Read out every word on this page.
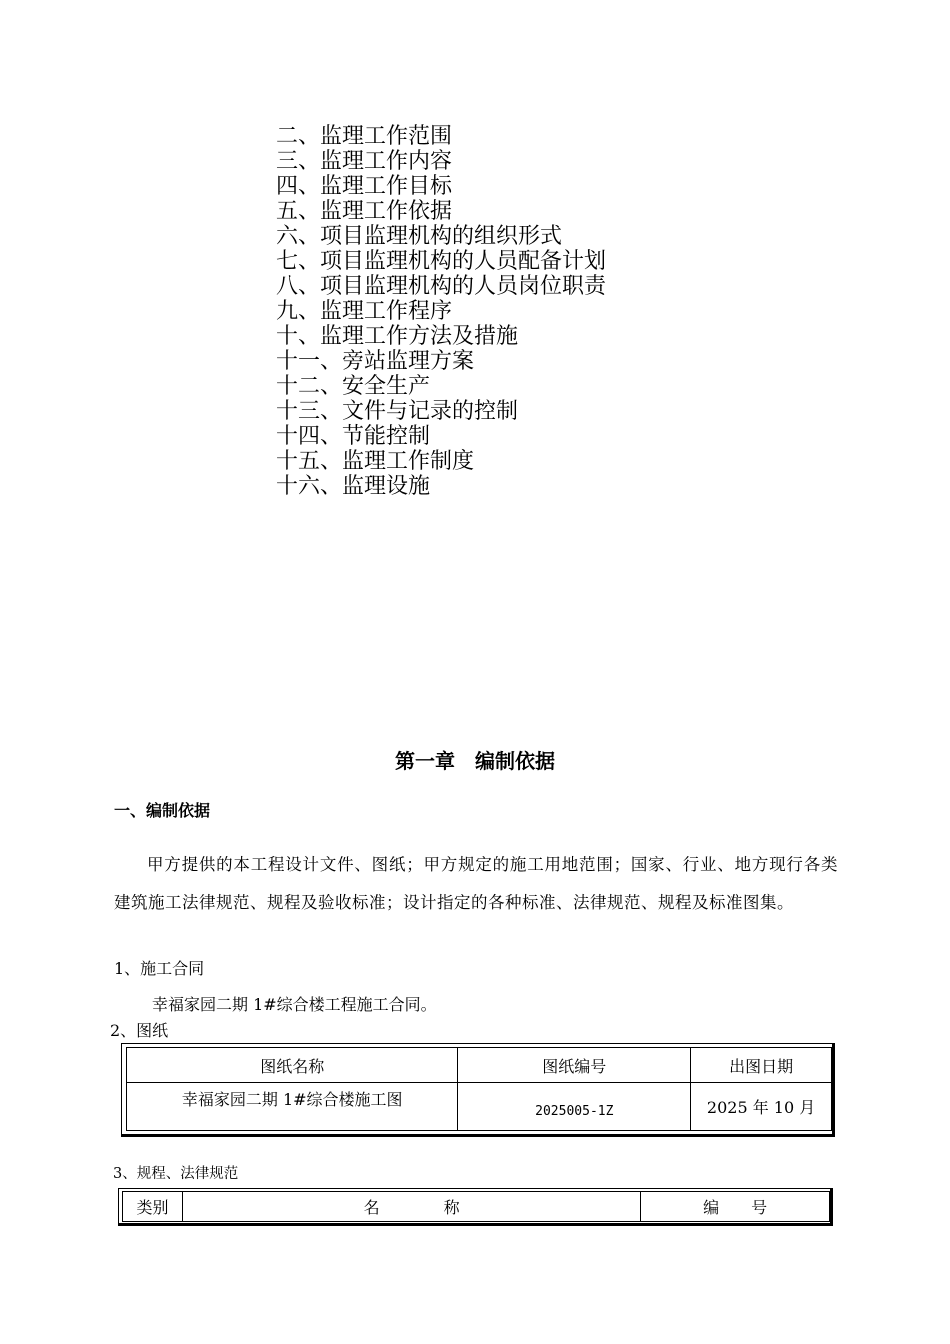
二、监理工作范围
三、监理工作内容
四、监理工作目标
五、监理工作依据
六、项目监理机构的组织形式
七、项目监理机构的人员配备计划
八、项目监理机构的人员岗位职责
九、监理工作程序
十、监理工作方法及措施
十一、旁站监理方案
十二、安全生产
十三、文件与记录的控制
十四、节能控制
十五、监理工作制度
十六、监理设施
第一章　编制依据
一、编制依据

甲方提供的本工程设计文件、图纸；甲方规定的施工用地范围；国家、行业、地方现行各类建筑施工法律规范、规程及验收标准；设计指定的各种标准、法律规范、规程及标准图集。

1、施工合同
幸福家园二期 1#综合楼工程施工合同。
2、图纸
图纸名称	图纸编号	出图日期
幸福家园二期 1#综合楼施工图	2025005-1Z	2025 年 10 月
3、规程、法律规范
类别	名　　　　称	编　　号
